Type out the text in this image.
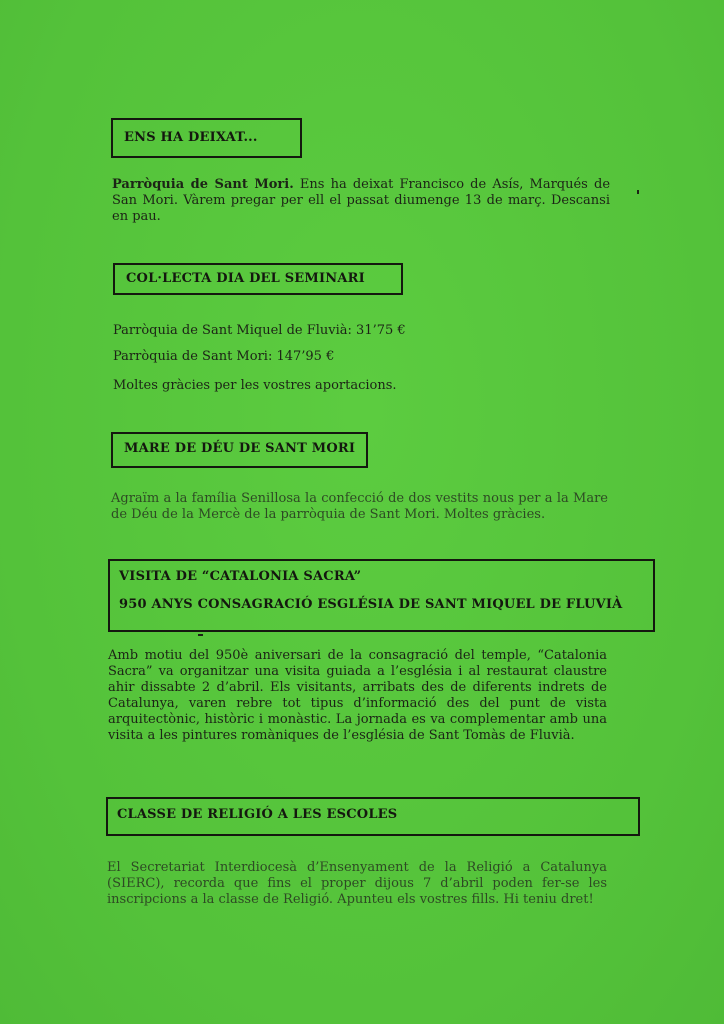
ENS HA DEIXAT...
Parròquia de Sant Mori. Ens ha deixat Francisco de Asís, Marqués de San Mori. Vàrem pregar per ell el passat diumenge 13 de març. Descansi en pau.
COL·LECTA DIA DEL SEMINARI
Parròquia de Sant Miquel de Fluvià: 31’75 €
Parròquia de Sant Mori: 147’95 €
Moltes gràcies per les vostres aportacions.
MARE DE DÉU DE SANT MORI
Agraïm a la família Senillosa la confecció de dos vestits nous per a la Mare de Déu de la Mercè de la parròquia de Sant Mori. Moltes gràcies.
VISITA DE “CATALONIA SACRA”
950 ANYS CONSAGRACIÓ ESGLÉSIA DE SANT MIQUEL DE FLUVIÀ
Amb motiu del 950è aniversari de la consagració del temple, “Catalonia Sacra” va organitzar una visita guiada a l’església i al restaurat claustre ahir dissabte 2 d’abril. Els visitants, arribats des de diferents indrets de Catalunya, varen rebre tot tipus d’informació des del punt de vista arquitectònic, històric i monàstic. La jornada es va complementar amb una visita a les pintures romàniques de l’església de Sant Tomàs de Fluvià.
CLASSE DE RELIGIÓ A LES ESCOLES
El Secretariat Interdiocesà d’Ensenyament de la Religió a Catalunya (SIERC), recorda que fins el proper dijous 7 d’abril poden fer-se les inscripcions a la classe de Religió. Apunteu els vostres fills. Hi teniu dret!
